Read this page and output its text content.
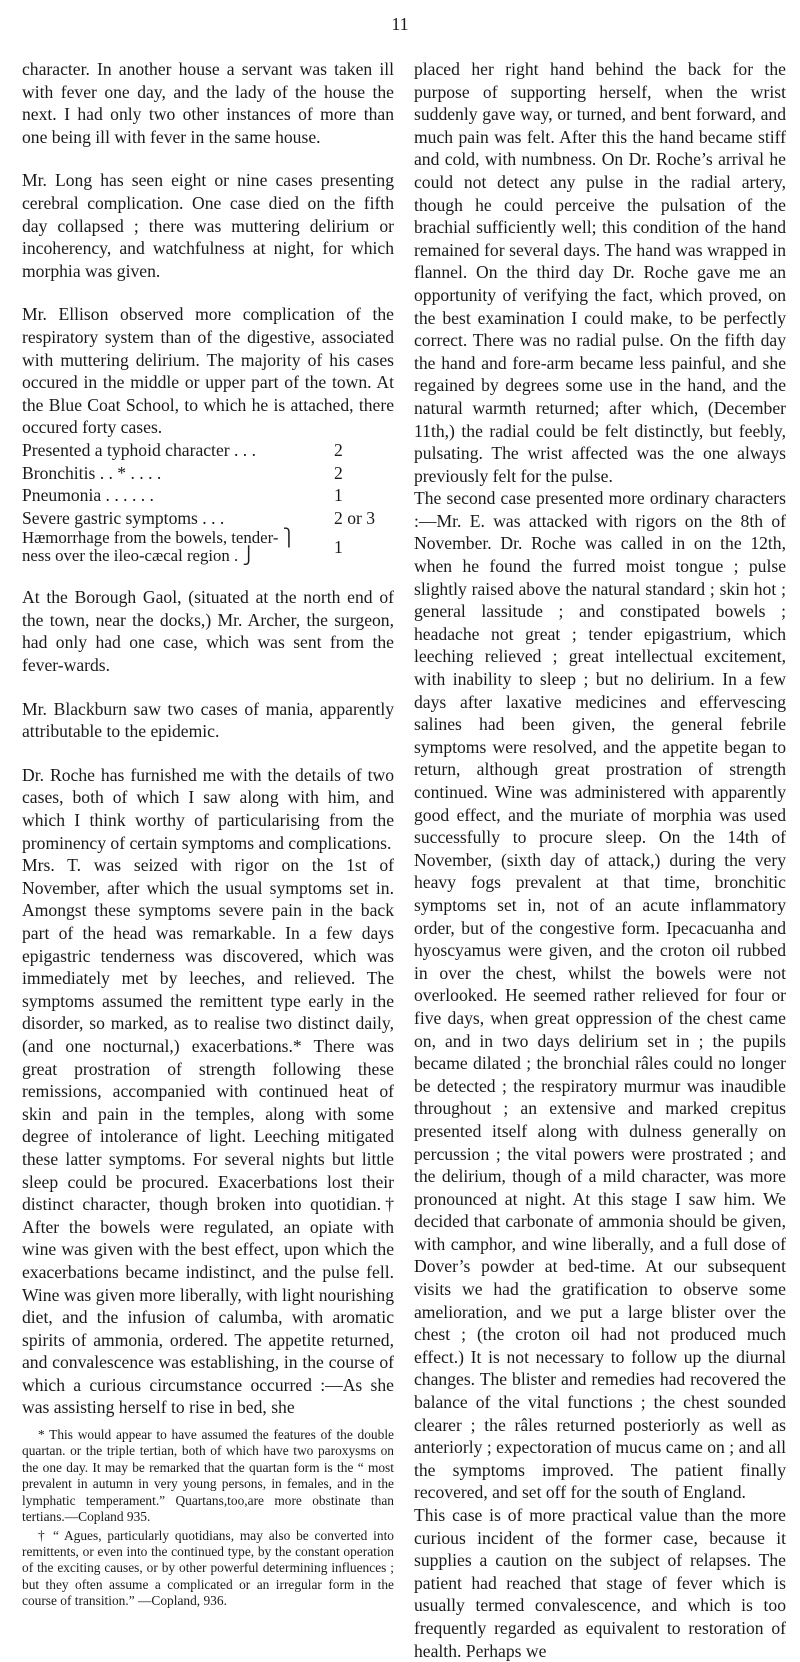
11

character. In another house a servant was taken ill with fever one day, and the lady of the house the next. I had only two other instances of more than one being ill with fever in the same house.

Mr. Long has seen eight or nine cases presenting cerebral complication. One case died on the fifth day collapsed ; there was muttering delirium or incoherency, and watchfulness at night, for which morphia was given.

Mr. Ellison observed more complication of the respiratory system than of the digestive, associated with muttering delirium. The majority of his cases occured in the middle or upper part of the town. At the Blue Coat School, to which he is attached, there occured forty cases.

Presented a typhoid character . . .	2
Bronchitis . . * . . . .	2
Pneumonia . . . . . .	1
Severe gastric symptoms . . .	2 or 3

Hæmorrhage from the bowels, tender- ⎫
ness over the ileo-cæcal region . ⎭	1

At the Borough Gaol, (situated at the north end of the town, near the docks,) Mr. Archer, the surgeon, had only had one case, which was sent from the fever-wards.

Mr. Blackburn saw two cases of mania, apparently attributable to the epidemic.

Dr. Roche has furnished me with the details of two cases, both of which I saw along with him, and which I think worthy of particularising from the prominency of certain symptoms and complications.

Mrs. T. was seized with rigor on the 1st of November, after which the usual symptoms set in. Amongst these symptoms severe pain in the back part of the head was remarkable. In a few days epigastric tenderness was discovered, which was immediately met by leeches, and relieved. The symptoms assumed the remittent type early in the disorder, so marked, as to realise two distinct daily, (and one nocturnal,) exacerbations.* There was great prostration of strength following these remissions, accompanied with continued heat of skin and pain in the temples, along with some degree of intolerance of light. Leeching mitigated these latter symptoms. For several nights but little sleep could be procured. Exacerbations lost their distinct character, though broken into quotidian.† After the bowels were regulated, an opiate with wine was given with the best effect, upon which the exacerbations became indistinct, and the pulse fell. Wine was given more liberally, with light nourishing diet, and the infusion of calumba, with aromatic spirits of ammonia, ordered. The appetite returned, and convalescence was establishing, in the course of which a curious circumstance occurred :—As she was assisting herself to rise in bed, she

* This would appear to have assumed the features of the double quartan. or the triple tertian, both of which have two paroxysms on the one day. It may be remarked that the quartan form is the “ most prevalent in autumn in very young persons, in females, and in the lymphatic temperament.” Quartans,too,are more obstinate than tertians.—Copland 935.
† “ Agues, particularly quotidians, may also be converted into remittents, or even into the continued type, by the constant operation of the exciting causes, or by other powerful determining influences ; but they often assume a complicated or an irregular form in the course of transition.” —Copland, 936.

placed her right hand behind the back for the purpose of supporting herself, when the wrist suddenly gave way, or turned, and bent forward, and much pain was felt. After this the hand became stiff and cold, with numbness. On Dr. Roche’s arrival he could not detect any pulse in the radial artery, though he could perceive the pulsation of the brachial sufficiently well; this condition of the hand remained for several days. The hand was wrapped in flannel. On the third day Dr. Roche gave me an opportunity of verifying the fact, which proved, on the best examination I could make, to be perfectly correct. There was no radial pulse. On the fifth day the hand and fore-arm became less painful, and she regained by degrees some use in the hand, and the natural warmth returned; after which, (December 11th,) the radial could be felt distinctly, but feebly, pulsating. The wrist affected was the one always previously felt for the pulse.

The second case presented more ordinary characters :—Mr. E. was attacked with rigors on the 8th of November. Dr. Roche was called in on the 12th, when he found the furred moist tongue ; pulse slightly raised above the natural standard ; skin hot ; general lassitude ; and constipated bowels ; headache not great ; tender epigastrium, which leeching relieved ; great intellectual excitement, with inability to sleep ; but no delirium. In a few days after laxative medicines and effervescing salines had been given, the general febrile symptoms were resolved, and the appetite began to return, although great prostration of strength continued. Wine was administered with apparently good effect, and the muriate of morphia was used successfully to procure sleep. On the 14th of November, (sixth day of attack,) during the very heavy fogs prevalent at that time, bronchitic symptoms set in, not of an acute inflammatory order, but of the congestive form. Ipecacuanha and hyoscyamus were given, and the croton oil rubbed in over the chest, whilst the bowels were not overlooked. He seemed rather relieved for four or five days, when great oppression of the chest came on, and in two days delirium set in ; the pupils became dilated ; the bronchial râles could no longer be detected ; the respiratory murmur was inaudible throughout ; an extensive and marked crepitus presented itself along with dulness generally on percussion ; the vital powers were prostrated ; and the delirium, though of a mild character, was more pronounced at night. At this stage I saw him. We decided that carbonate of ammonia should be given, with camphor, and wine liberally, and a full dose of Dover’s powder at bed-time. At our subsequent visits we had the gratification to observe some amelioration, and we put a large blister over the chest ; (the croton oil had not produced much effect.) It is not necessary to follow up the diurnal changes. The blister and remedies had recovered the balance of the vital functions ; the chest sounded clearer ; the râles returned posteriorly as well as anteriorly ; expectoration of mucus came on ; and all the symptoms improved. The patient finally recovered, and set off for the south of England.

This case is of more practical value than the more curious incident of the former case, because it supplies a caution on the subject of relapses. The patient had reached that stage of fever which is usually termed convalescence, and which is too frequently regarded as equivalent to restoration of health. Perhaps we
